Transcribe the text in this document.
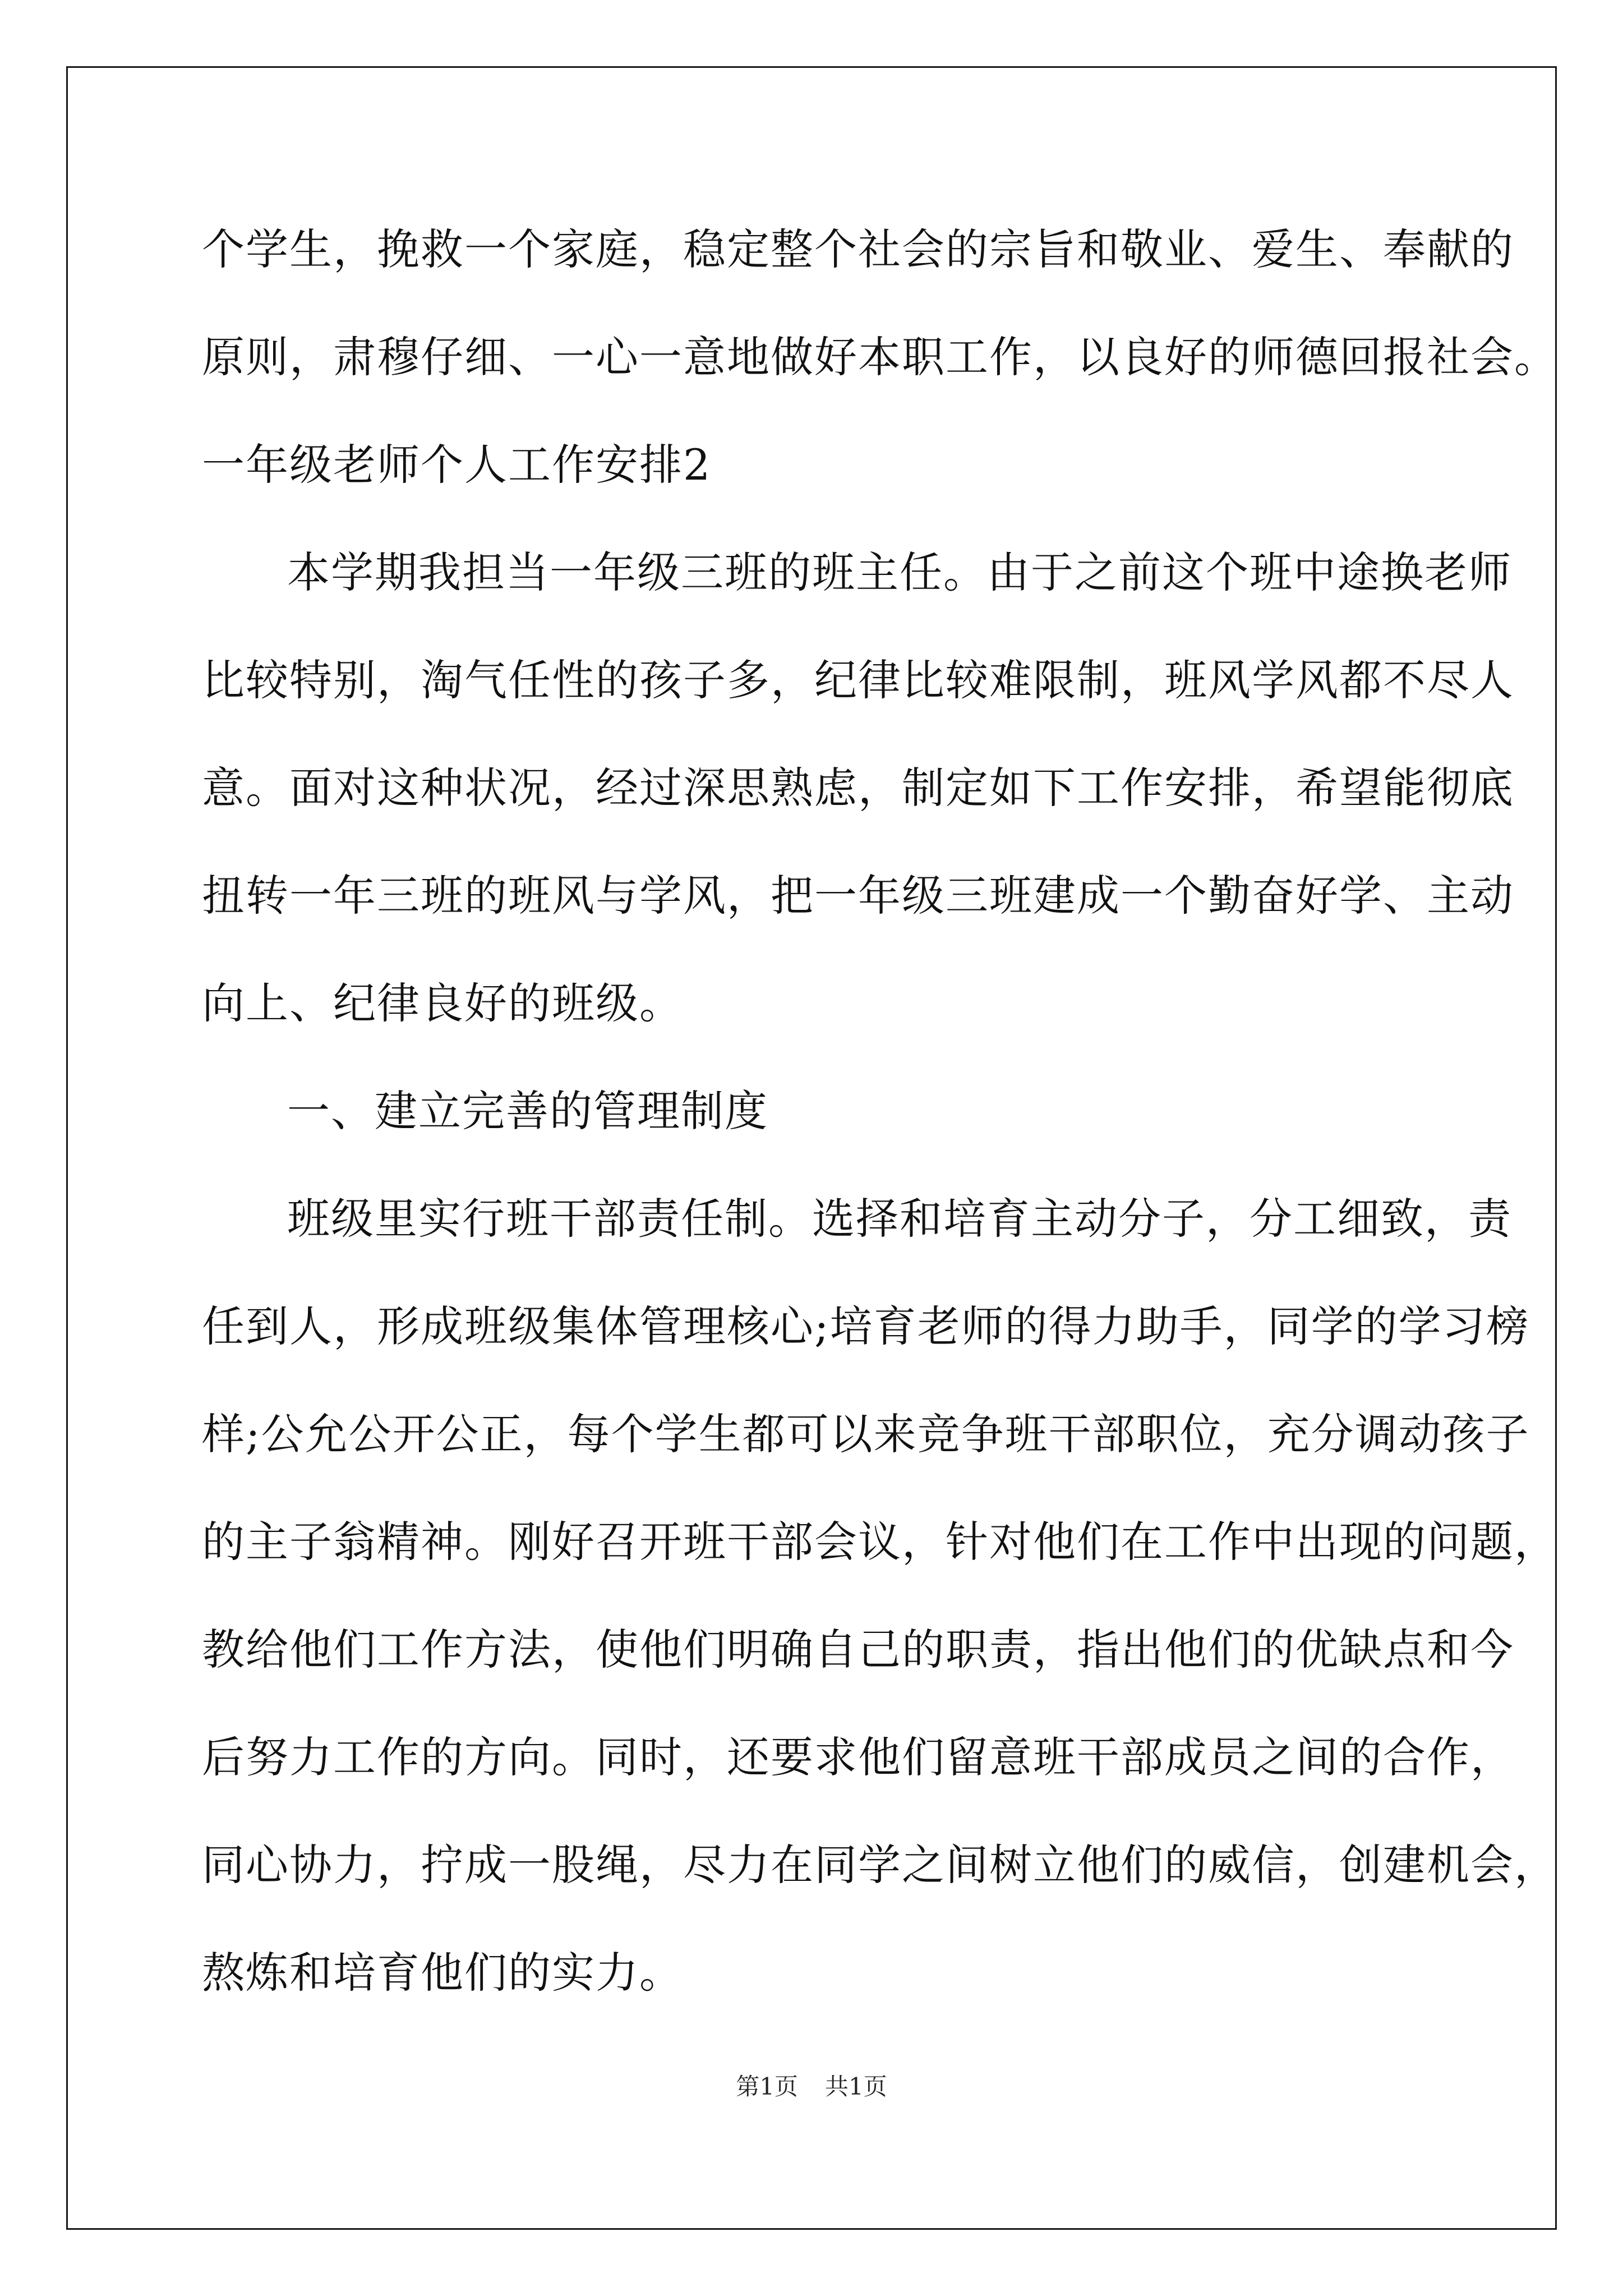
个学生，挽救一个家庭，稳定整个社会的宗旨和敬业、爱生、奉献的
原则，肃穆仔细、一心一意地做好本职工作，以良好的师德回报社会。
一年级老师个人工作安排2
本学期我担当一年级三班的班主任。由于之前这个班中途换老师
比较特别，淘气任性的孩子多，纪律比较难限制，班风学风都不尽人
意。面对这种状况，经过深思熟虑，制定如下工作安排，希望能彻底
扭转一年三班的班风与学风，把一年级三班建成一个勤奋好学、主动
向上、纪律良好的班级。
一、建立完善的管理制度
班级里实行班干部责任制。选择和培育主动分子，分工细致，责
任到人，形成班级集体管理核心;培育老师的得力助手，同学的学习榜
样;公允公开公正，每个学生都可以来竞争班干部职位，充分调动孩子
的主子翁精神。刚好召开班干部会议，针对他们在工作中出现的问题，
教给他们工作方法，使他们明确自己的职责，指出他们的优缺点和今
后努力工作的方向。同时，还要求他们留意班干部成员之间的合作，
同心协力，拧成一股绳，尽力在同学之间树立他们的威信，创建机会，
熬炼和培育他们的实力。
第1页 共1页
